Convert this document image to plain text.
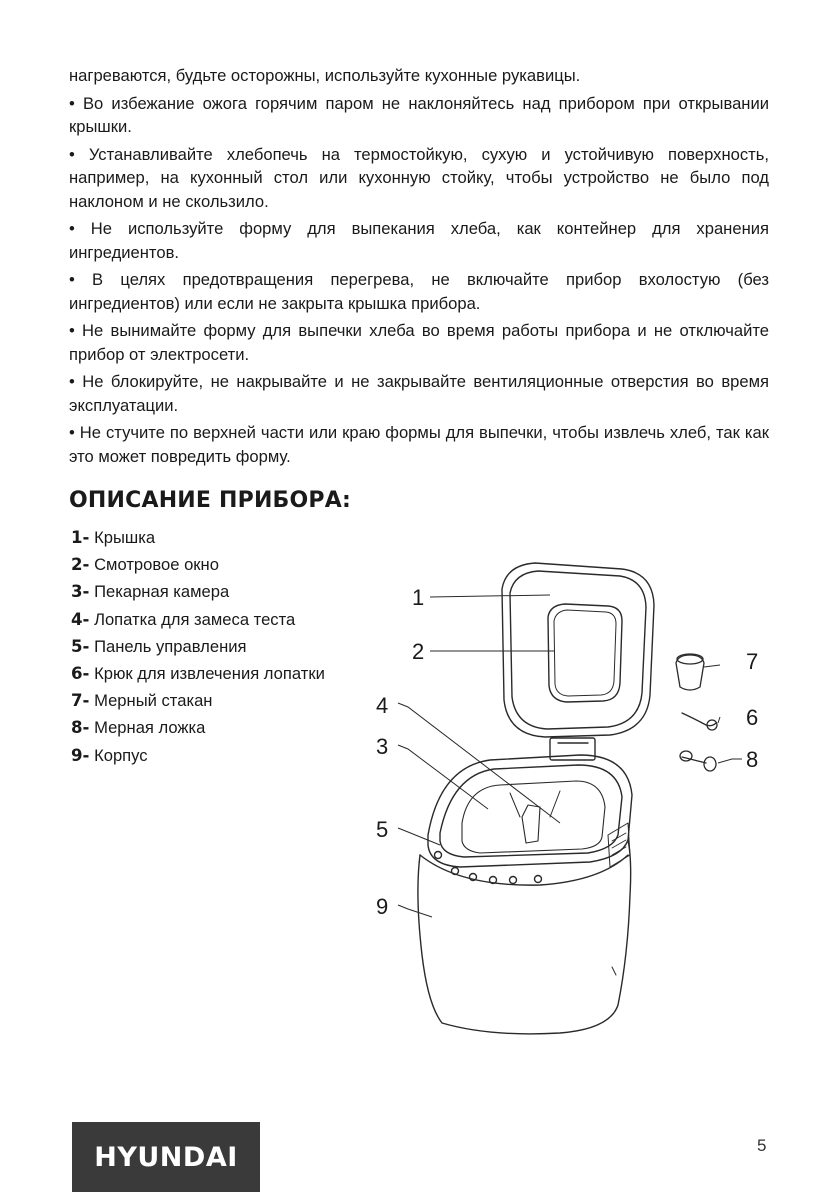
нагреваются, будьте осторожны, используйте кухонные рукавицы.

• Во избежание ожога горячим паром не наклоняйтесь над прибором при открывании крышки.

• Устанавливайте хлебопечь на термостойкую, сухую и устойчивую поверхность, например, на кухонный стол или кухонную стойку, чтобы устройство не было под наклоном и не скользило.

• Не используйте форму для выпекания хлеба, как контейнер для хранения ингредиентов.

• В целях предотвращения перегрева, не включайте прибор вхолостую (без ингредиентов) или если не закрыта крышка прибора.

• Не вынимайте форму для выпечки хлеба во время работы прибора и не отключайте прибор от электросети.

• Не блокируйте, не накрывайте и не закрывайте вентиляционные отверстия во время эксплуатации.

• Не стучите по верхней части или краю формы для выпечки, чтобы извлечь хлеб, так как это может повредить форму.

ОПИСАНИЕ ПРИБОРА:
1- Крышка
2- Смотровое окно
3- Пекарная камера
4- Лопатка для замеса теста
5- Панель управления
6- Крюк для извлечения лопатки
7- Мерный стакан
8- Мерная ложка
9- Корпус
1
2
4
3
5
9
7
6
8
HYUNDAI	5
